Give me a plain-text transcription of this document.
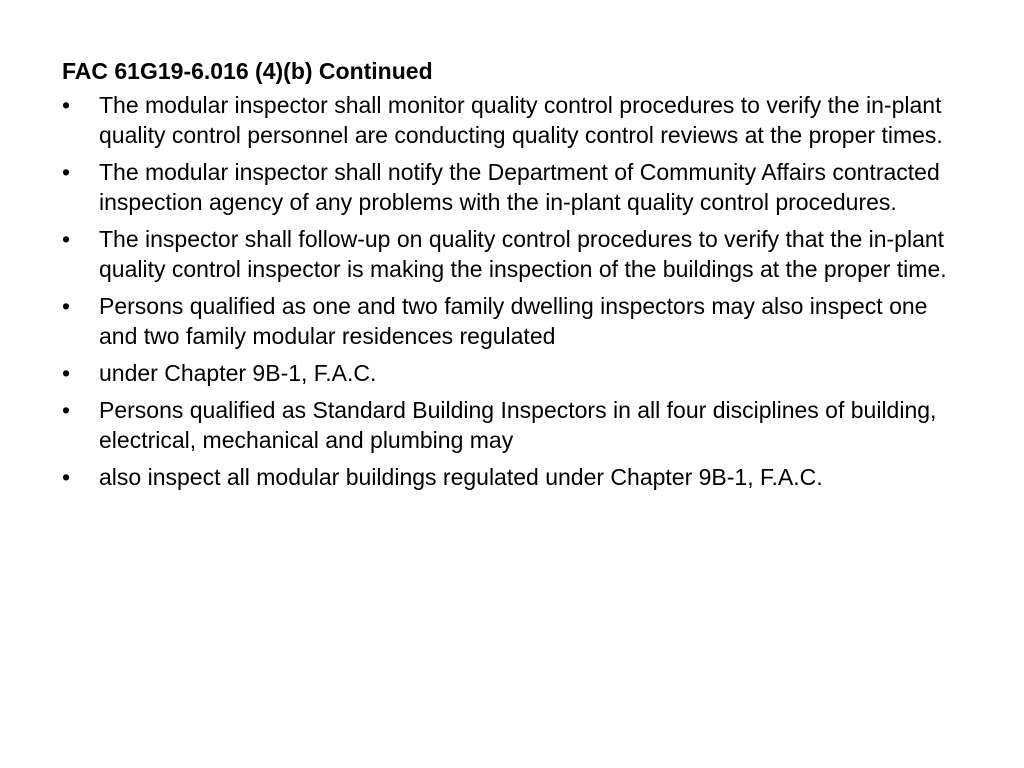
FAC 61G19-6.016 (4)(b) Continued
•	The modular inspector shall monitor quality control procedures to verify the in-plant quality control personnel are conducting quality control reviews at the proper times.
•	The modular inspector shall notify the Department of Community Affairs contracted inspection agency of any problems with the in-plant quality control procedures.
•	The inspector shall follow-up on quality control procedures to verify that the in-plant quality control inspector is making the inspection of the buildings at the proper time.
•	Persons qualified as one and two family dwelling inspectors may also inspect one and two family modular residences regulated
•	under Chapter 9B-1, F.A.C.
•	Persons qualified as Standard Building Inspectors in all four disciplines of building, electrical, mechanical and plumbing may
•	also inspect all modular buildings regulated under Chapter 9B-1, F.A.C.
